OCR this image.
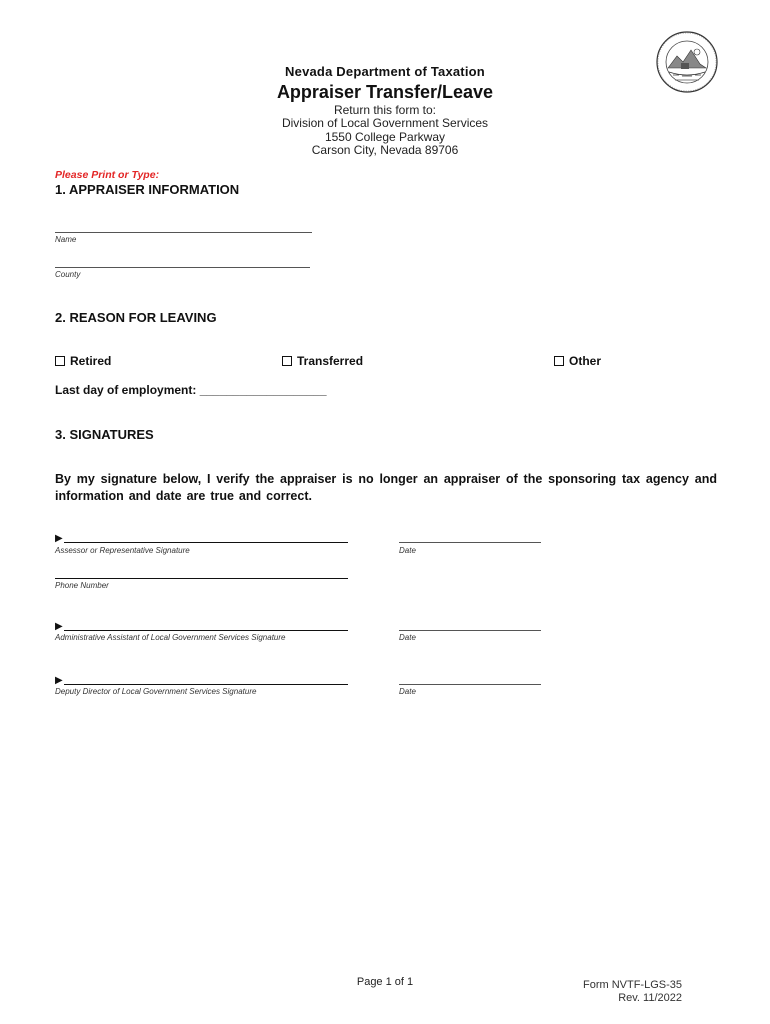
Nevada Department of Taxation
Appraiser Transfer/Leave
Return this form to:
Division of Local Government Services
1550 College Parkway
Carson City, Nevada 89706
Please Print or Type:
1. APPRAISER INFORMATION
Name
County
2. REASON FOR LEAVING
Retired	Transferred	Other
Last day of employment: ___________________
3. SIGNATURES
By my signature below, I verify the appraiser is no longer an appraiser of the sponsoring tax agency and information and date are true and correct.
▶
Assessor or Representative Signature	Date
Phone Number
▶
Administrative Assistant of Local Government Services Signature	Date
▶
Deputy Director of Local Government Services Signature	Date
Page 1 of 1	Form NVTF-LGS-35
Rev. 11/2022
